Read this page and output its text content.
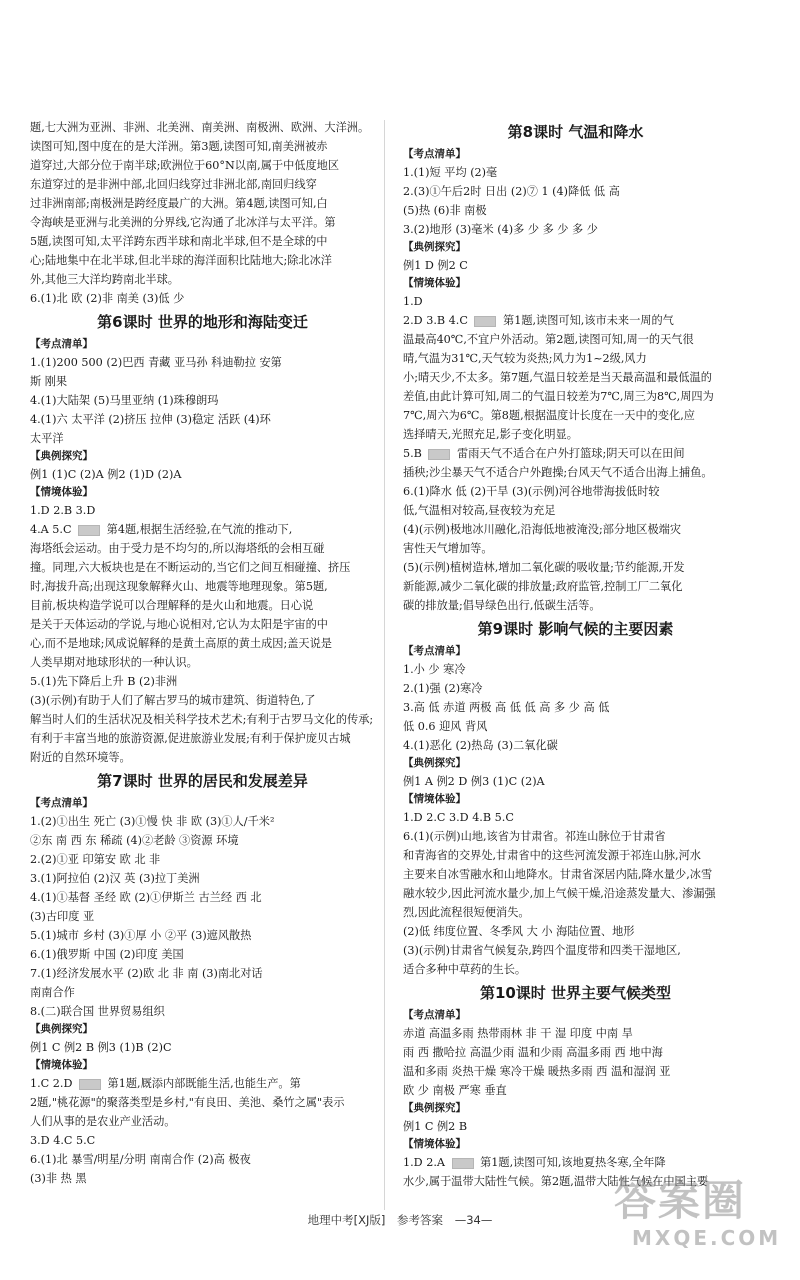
题,七大洲为亚洲、非洲、北美洲、南美洲、南极洲、欧洲、大洋洲。
读图可知,图中度在的是大洋洲。第3题,读图可知,南美洲被赤
道穿过,大部分位于南半球;欧洲位于60°N以南,属于中低度地区
东道穿过的是非洲中部,北回归线穿过非洲北部,南回归线穿
过非洲南部;南极洲是跨经度最广的大洲。第4题,读图可知,白
令海峡是亚洲与北美洲的分界线,它沟通了北冰洋与太平洋。第
5题,读图可知,太平洋跨东西半球和南北半球,但不是全球的中
心;陆地集中在北半球,但北半球的海洋面积比陆地大;除北冰洋
外,其他三大洋均跨南北半球。
6.(1)北 欧 (2)非 南美 (3)低 少
第6课时 世界的地形和海陆变迁
【考点清单】
1.(1)200 500 (2)巴西 青藏 亚马孙 科迪勒拉 安第
斯 刚果
4.(1)大陆架 (5)马里亚纳 (1)珠穆朗玛
4.(1)六 太平洋 (2)挤压 拉伸 (3)稳定 活跃 (4)环
太平洋
【典例探究】
例1 (1)C (2)A 例2 (1)D (2)A
【情境体验】
1.D 2.B 3.D
4.A 5.C	第4题,根据生活经验,在气流的推动下,
海塔纸会运动。由于受力是不均匀的,所以海塔纸的会相互碰
撞。同理,六大板块也是在不断运动的,当它们之间互相碰撞、挤压
时,海拔升高;出现这现象解释火山、地震等地理现象。第5题,
目前,板块构造学说可以合理解释的是火山和地震。日心说
是关于天体运动的学说,与地心说相对,它认为太阳是宇宙的中
心,而不是地球;风成说解释的是黄土高原的黄土成因;盖天说是
人类早期对地球形状的一种认识。
5.(1)先下降后上升 B (2)非洲
(3)(示例)有助于人们了解古罗马的城市建筑、街道特色,了
解当时人们的生活状况及相关科学技术艺术;有利于古罗马文化的传承;
有利于丰富当地的旅游资源,促进旅游业发展;有利于保护庞贝古城
附近的自然环境等。
第7课时 世界的居民和发展差异
【考点清单】
1.(2)①出生 死亡 (3)①慢 快 非 欧 (3)①人/千米²
②东 南 西 东 稀疏 (4)②老龄 ③资源 环境
2.(2)①亚 印第安 欧 北 非
3.(1)阿拉伯 (2)汉 英 (3)拉丁美洲
4.(1)①基督 圣经 欧 (2)①伊斯兰 古兰经 西 北
(3)古印度 亚
5.(1)城市 乡村 (3)①厚 小 ②平 (3)遮风散热
6.(1)俄罗斯 中国 (2)印度 美国
7.(1)经济发展水平 (2)欧 北 非 南 (3)南北对话
南南合作
8.(二)联合国 世界贸易组织
【典例探究】
例1 C 例2 B 例3 (1)B (2)C
【情境体验】
1.C 2.D	第1题,厩添内部既能生活,也能生产。第
2题,"桃花源"的聚落类型是乡村,"有良田、美池、桑竹之属"表示
人们从事的是农业产业活动。
3.D 4.C 5.C
6.(1)北 暴雪/明星/分明 南南合作 (2)高 极夜
(3)非 热 黑
第8课时 气温和降水
【考点清单】
1.(1)短 平均 (2)毫
2.(3)①午后2时 日出 (2)⑦ 1 (4)降低 低 高
(5)热 (6)非 南极
3.(2)地形 (3)毫米 (4)多 少 多 少 多 少
【典例探究】
例1 D 例2 C
【情境体验】
1.D
2.D 3.B 4.C	第1题,读图可知,该市未来一周的气
温最高40℃,不宜户外活动。第2题,读图可知,周一的天气很
晴,气温为31℃,天气较为炎热;风力为1~2级,风力
小;晴天少,不太多。第7题,气温日较差是当天最高温和最低温的
差值,由此计算可知,周二的气温日较差为7℃,周三为8℃,周四为
7℃,周六为6℃。第8题,根据温度计长度在一天中的变化,应
选择晴天,光照充足,影子变化明显。
5.B	雷雨天气不适合在户外打篮球;阴天可以在田间
插秧;沙尘暴天气不适合户外跑操;台风天气不适合出海上捕鱼。
6.(1)降水 低 (2)干旱 (3)(示例)河谷地带海拔低时较
低,气温相对较高,昼夜较为充足
(4)(示例)极地冰川融化,沿海低地被淹没;部分地区极端灾
害性天气增加等。
(5)(示例)植树造林,增加二氧化碳的吸收量;节约能源,开发
新能源,减少二氧化碳的排放量;政府监管,控制工厂二氧化
碳的排放量;倡导绿色出行,低碳生活等。
第9课时 影响气候的主要因素
【考点清单】
1.小 少 寒冷
2.(1)强 (2)寒冷
3.高 低 赤道 两极 高 低 低 高 多 少 高 低
低 0.6 迎风 背风
4.(1)恶化 (2)热岛 (3)二氧化碳
【典例探究】
例1 A 例2 D 例3 (1)C (2)A
【情境体验】
1.D 2.C 3.D 4.B 5.C
6.(1)(示例)山地,该省为甘肃省。祁连山脉位于甘肃省
和青海省的交界处,甘肃省中的这些河流发源于祁连山脉,河水
主要来自冰雪融水和山地降水。甘肃省深居内陆,降水量少,冰雪
融水较少,因此河流水量少,加上气候干燥,沿途蒸发量大、渗漏强
烈,因此流程很短便消失。
(2)低 纬度位置、冬季风 大 小 海陆位置、地形
(3)(示例)甘肃省气候复杂,跨四个温度带和四类干湿地区,
适合多种中草药的生长。
第10课时 世界主要气候类型
【考点清单】
赤道 高温多雨 热带雨林 非 干 湿 印度 中南 旱
雨 西 撒哈拉 高温少雨 温和少雨 高温多雨 西 地中海
温和多雨 炎热干燥 寒冷干燥 暖热多雨 西 温和湿润 亚
欧 少 南极 严寒 垂直
【典例探究】
例1 C 例2 B
【情境体验】
1.D 2.A	第1题,读图可知,该地夏热冬寒,全年降
水少,属于温带大陆性气候。第2题,温带大陆性气候在中国主要
地理中考[XJ版] 参考答案 —34—	答案圈
MXQE.COM
